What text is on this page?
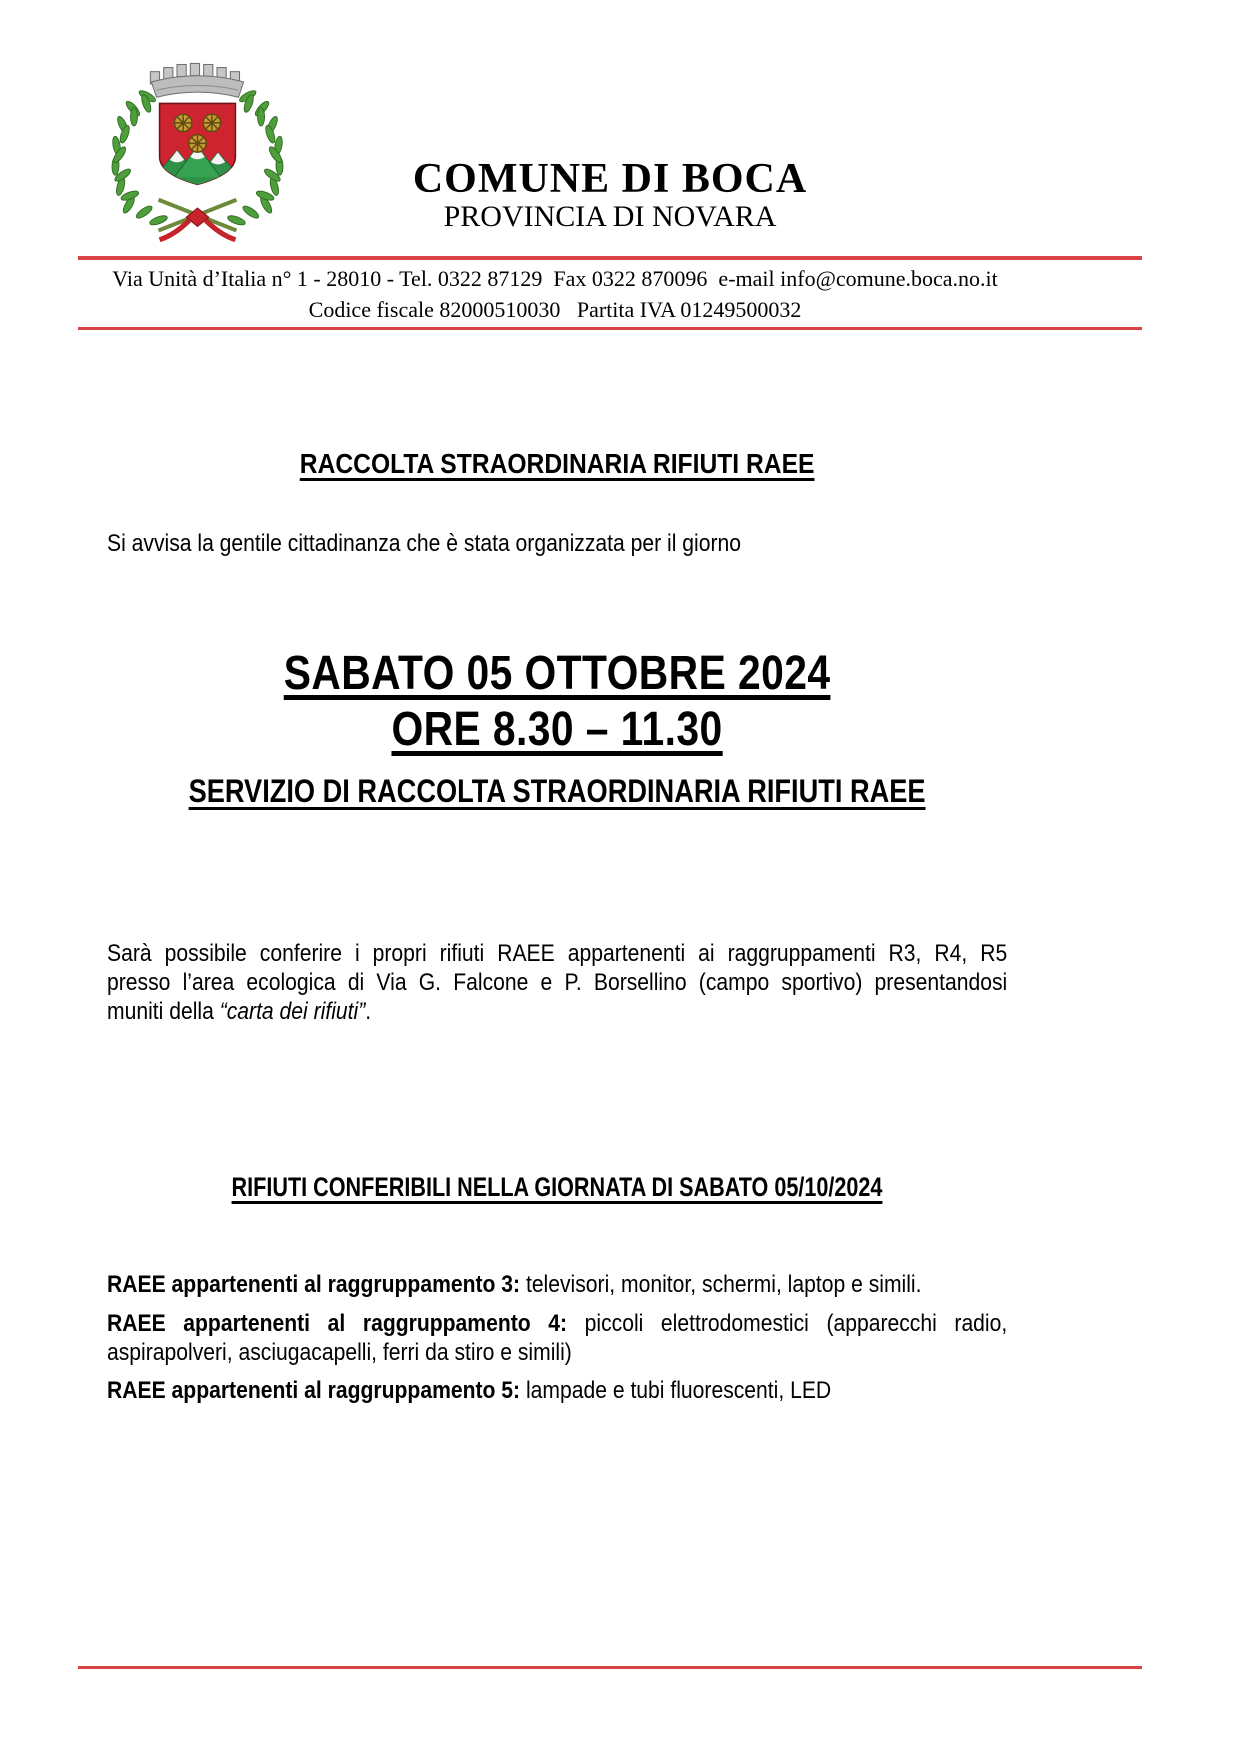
COMUNE DI BOCA
PROVINCIA DI NOVARA
Via Unità d’Italia n° 1 - 28010 - Tel. 0322 87129  Fax 0322 870096  e-mail info@comune.boca.no.it
Codice fiscale 82000510030   Partita IVA 01249500032
RACCOLTA STRAORDINARIA RIFIUTI RAEE
Si avvisa la gentile cittadinanza che è stata organizzata per il giorno
SABATO 05 OTTOBRE 2024
ORE 8.30 – 11.30
SERVIZIO DI RACCOLTA STRAORDINARIA RIFIUTI RAEE
Sarà possibile conferire i propri rifiuti RAEE appartenenti ai raggruppamenti R3, R4, R5
presso l’area ecologica di Via G. Falcone e P. Borsellino (campo sportivo) presentandosi
muniti della “carta dei rifiuti”.
RIFIUTI CONFERIBILI NELLA GIORNATA DI SABATO 05/10/2024
RAEE appartenenti al raggruppamento 3: televisori, monitor, schermi, laptop e simili.
RAEE appartenenti al raggruppamento 4: piccoli elettrodomestici (apparecchi radio,
aspirapolveri, asciugacapelli, ferri da stiro e simili)
RAEE appartenenti al raggruppamento 5: lampade e tubi fluorescenti, LED
